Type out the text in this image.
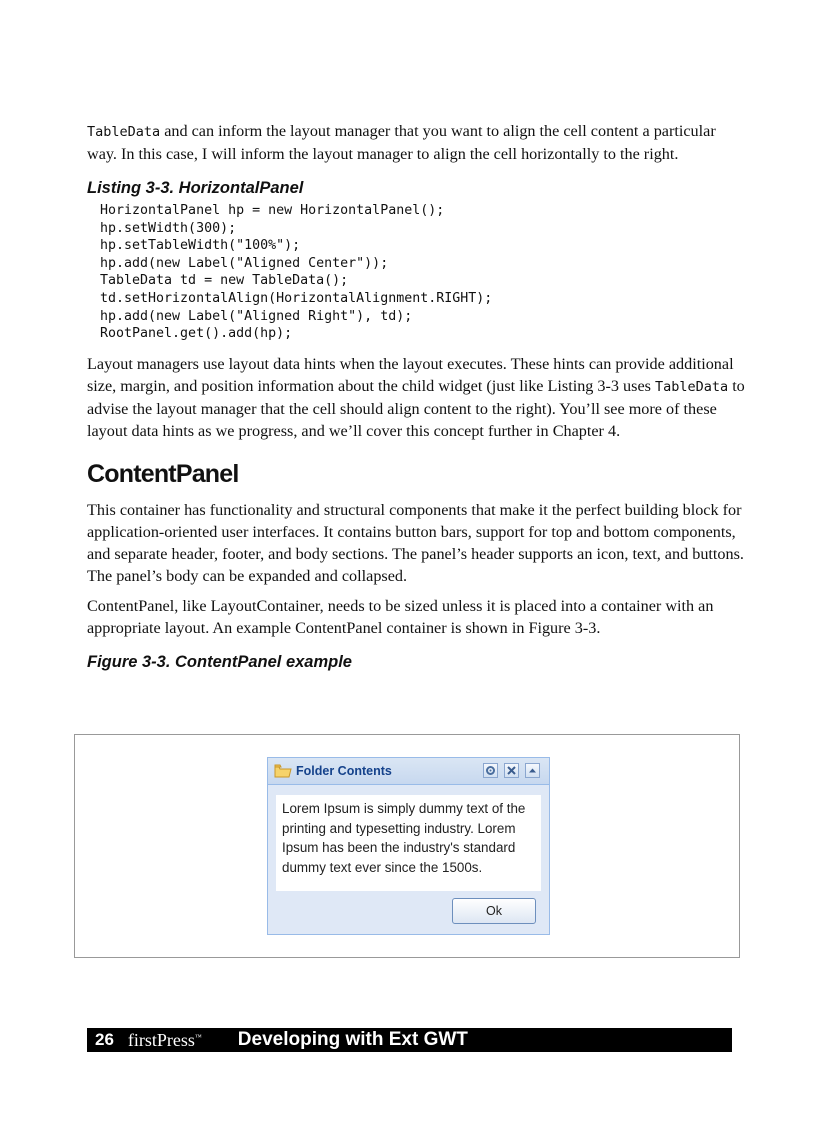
TableData and can inform the layout manager that you want to align the cell content a particular way. In this case, I will inform the layout manager to align the cell horizontally to the right.

Listing 3-3. HorizontalPanel
HorizontalPanel hp = new HorizontalPanel();
hp.setWidth(300);
hp.setTableWidth("100%");
hp.add(new Label("Aligned Center"));
TableData td = new TableData();
td.setHorizontalAlign(HorizontalAlignment.RIGHT);
hp.add(new Label("Aligned Right"), td);
RootPanel.get().add(hp);

Layout managers use layout data hints when the layout executes. These hints can provide additional size, margin, and position information about the child widget (just like Listing 3-3 uses TableData to advise the layout manager that the cell should align content to the right). You’ll see more of these layout data hints as we progress, and we’ll cover this concept further in Chapter 4.

ContentPanel

This container has functionality and structural components that make it the perfect building block for application-oriented user interfaces. It contains button bars, support for top and bottom components, and separate header, footer, and body sections. The panel’s header supports an icon, text, and buttons. The panel’s body can be expanded and collapsed.

ContentPanel, like LayoutContainer, needs to be sized unless it is placed into a container with an appropriate layout. An example ContentPanel container is shown in Figure 3-3.

Figure 3-3. ContentPanel example
Folder Contents

Lorem Ipsum is simply dummy text of the printing and typesetting industry. Lorem Ipsum has been the industry's standard dummy text ever since the 1500s.

Ok
26 firstPress™ Developing with Ext GWT
